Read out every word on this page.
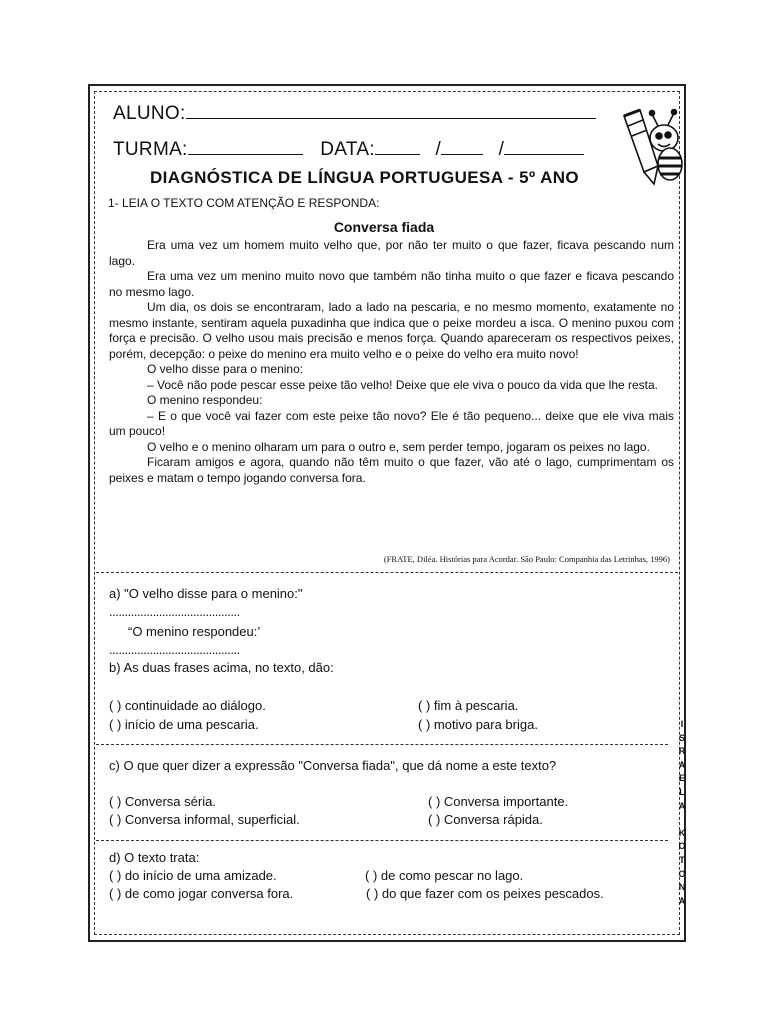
ALUNO:
TURMA:	DATA:	/	/
DIAGNÓSTICA DE LÍNGUA PORTUGUESA - 5º ANO
1- LEIA O TEXTO COM ATENÇÃO E RESPONDA:
Conversa fiada

Era uma vez um homem muito velho que, por não ter muito o que fazer, ficava pescando num lago.

Era uma vez um menino muito novo que também não tinha muito o que fazer e ficava pescando no mesmo lago.

Um dia, os dois se encontraram, lado a lado na pescaria, e no mesmo momento, exatamente no mesmo instante, sentiram aquela puxadinha que indica que o peixe mordeu a isca. O menino puxou com força e precisão. O velho usou mais precisão e menos força. Quando apareceram os respectivos peixes, porém, decepção: o peixe do menino era muito velho e o peixe do velho era muito novo!

O velho disse para o menino:

– Você não pode pescar esse peixe tão velho! Deixe que ele viva o pouco da vida que lhe resta.

O menino respondeu:

– E o que você vai fazer com este peixe tão novo? Ele é tão pequeno... deixe que ele viva mais um pouco!

O velho e o menino olharam um para o outro e, sem perder tempo, jogaram os peixes no lago.

Ficaram amigos e agora, quando não têm muito o que fazer, vão até o lago, cumprimentam os peixes e matam o tempo jogando conversa fora.

(FRATE, Diléa. Histórias para Acordar. São Paulo: Companhia das Letrinhas, 1996)
a) "O velho disse para o menino:"
..........................................
“O menino respondeu:’
..........................................
b) As duas frases acima, no texto, dão:
( ) continuidade ao diálogo.	( ) fim à pescaria.
( ) início de uma pescaria.	( ) motivo para briga.
c) O que quer dizer a expressão "Conversa fiada", que dá nome a este texto?
( ) Conversa séria.	( ) Conversa importante.
( ) Conversa informal, superficial.	( ) Conversa rápida.
d) O texto trata:
( ) do início de uma amizade.	( ) de como pescar no lago.
( ) de como jogar conversa fora.	( ) do que fazer com os peixes pescados.
I
S
R
A
E
L
A

K
O
T
O
N
A
